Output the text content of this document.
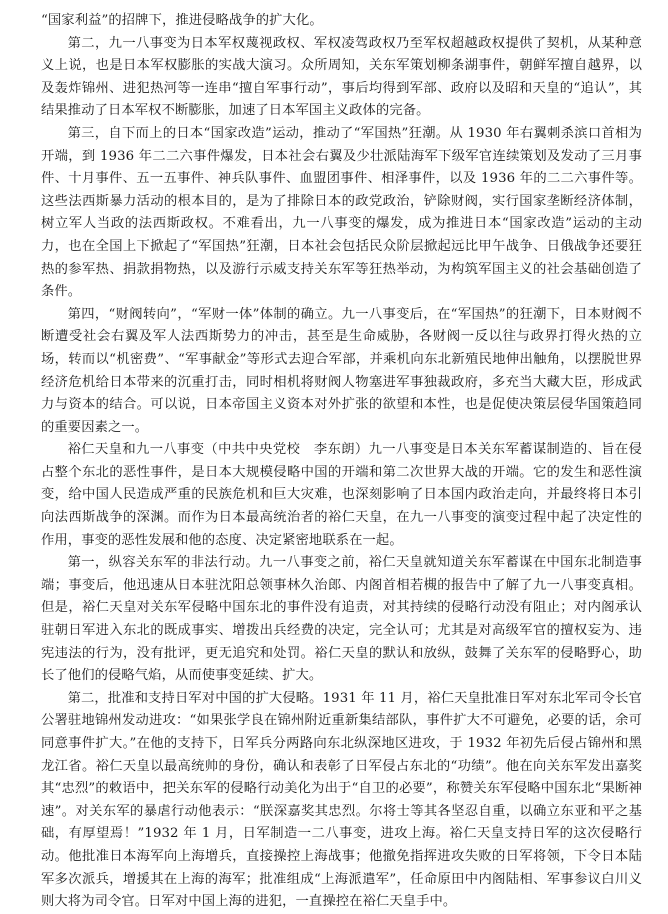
“国家利益”的招牌下，推进侵略战争的扩大化。

第二，九一八事变为日本军权蔑视政权、军权凌驾政权乃至军权超越政权提供了契机，从某种意义上说，也是日本军权膨胀的实战大演习。众所周知，关东军策划柳条湖事件，朝鲜军擅自越界，以及轰炸锦州、进犯热河等一连串“擅自军事行动”，事后均得到军部、政府以及昭和天皇的“追认”，其结果推动了日本军权不断膨胀，加速了日本军国主义政体的完备。

第三，自下而上的日本“国家改造”运动，推动了“军国热”狂潮。从 1930 年右翼刺杀滨口首相为开端，到 1936 年二二六事件爆发，日本社会右翼及少壮派陆海军下级军官连续策划及发动了三月事件、十月事件、五一五事件、神兵队事件、血盟团事件、相泽事件，以及 1936 年的二二六事件等。这些法西斯暴力活动的根本目的，是为了排除日本的政党政治，铲除财阀，实行国家垄断经济体制，树立军人当政的法西斯政权。不难看出，九一八事变的爆发，成为推进日本“国家改造”运动的主动力，也在全国上下掀起了“军国热”狂潮，日本社会包括民众阶层掀起远比甲午战争、日俄战争还要狂热的参军热、捐款捐物热，以及游行示威支持关东军等狂热举动，为构筑军国主义的社会基础创造了条件。

第四，“财阀转向”，“军财一体”体制的确立。九一八事变后，在“军国热”的狂潮下，日本财阀不断遭受社会右翼及军人法西斯势力的冲击，甚至是生命威胁，各财阀一反以往与政界打得火热的立场，转而以“机密费”、“军事献金”等形式去迎合军部，并乘机向东北新殖民地伸出触角，以摆脱世界经济危机给日本带来的沉重打击，同时相机将财阀人物塞进军事独裁政府，多充当大藏大臣，形成武力与资本的结合。可以说，日本帝国主义资本对外扩张的欲望和本性，也是促使决策层侵华国策趋同的重要因素之一。

裕仁天皇和九一八事变（中共中央党校　李东朗）九一八事变是日本关东军蓄谋制造的、旨在侵占整个东北的恶性事件，是日本大规模侵略中国的开端和第二次世界大战的开端。它的发生和恶性演变，给中国人民造成严重的民族危机和巨大灾难，也深刻影响了日本国内政治走向，并最终将日本引向法西斯战争的深渊。而作为日本最高统治者的裕仁天皇，在九一八事变的演变过程中起了决定性的作用，事变的恶性发展和他的态度、决定紧密地联系在一起。

第一，纵容关东军的非法行动。九一八事变之前，裕仁天皇就知道关东军蓄谋在中国东北制造事端；事变后，他迅速从日本驻沈阳总领事林久治郎、内阁首相若槻的报告中了解了九一八事变真相。但是，裕仁天皇对关东军侵略中国东北的事件没有追责，对其持续的侵略行动没有阻止；对内阁承认驻朝日军进入东北的既成事实、增拨出兵经费的决定，完全认可；尤其是对高级军官的擅权妄为、违宪违法的行为，没有批评，更无追究和处罚。裕仁天皇的默认和放纵，鼓舞了关东军的侵略野心，助长了他们的侵略气焰，从而使事变延续、扩大。

第二，批准和支持日军对中国的扩大侵略。1931 年 11 月，裕仁天皇批准日军对东北军司令长官公署驻地锦州发动进攻：“如果张学良在锦州附近重新集结部队，事件扩大不可避免，必要的话，余可同意事件扩大。”在他的支持下，日军兵分两路向东北纵深地区进攻，于 1932 年初先后侵占锦州和黑龙江省。裕仁天皇以最高统帅的身份，确认和表彰了日军侵占东北的“功绩”。他在向关东军发出嘉奖其“忠烈”的敕语中，把关东军的侵略行动美化为出于“自卫的必要”，称赞关东军侵略中国东北“果断神速”。对关东军的暴虐行动他表示：“朕深嘉奖其忠烈。尔将士等其各坚忍自重，以确立东亚和平之基础，有厚望焉！”1932 年 1 月，日军制造一二八事变，进攻上海。裕仁天皇支持日军的这次侵略行动。他批准日本海军向上海增兵，直接操控上海战事；他撤免指挥进攻失败的日军将领，下令日本陆军多次派兵，增援其在上海的海军；批准组成“上海派遣军”，任命原田中内阁陆相、军事参议白川义则大将为司令官。日军对中国上海的进犯，一直操控在裕仁天皇手中。
